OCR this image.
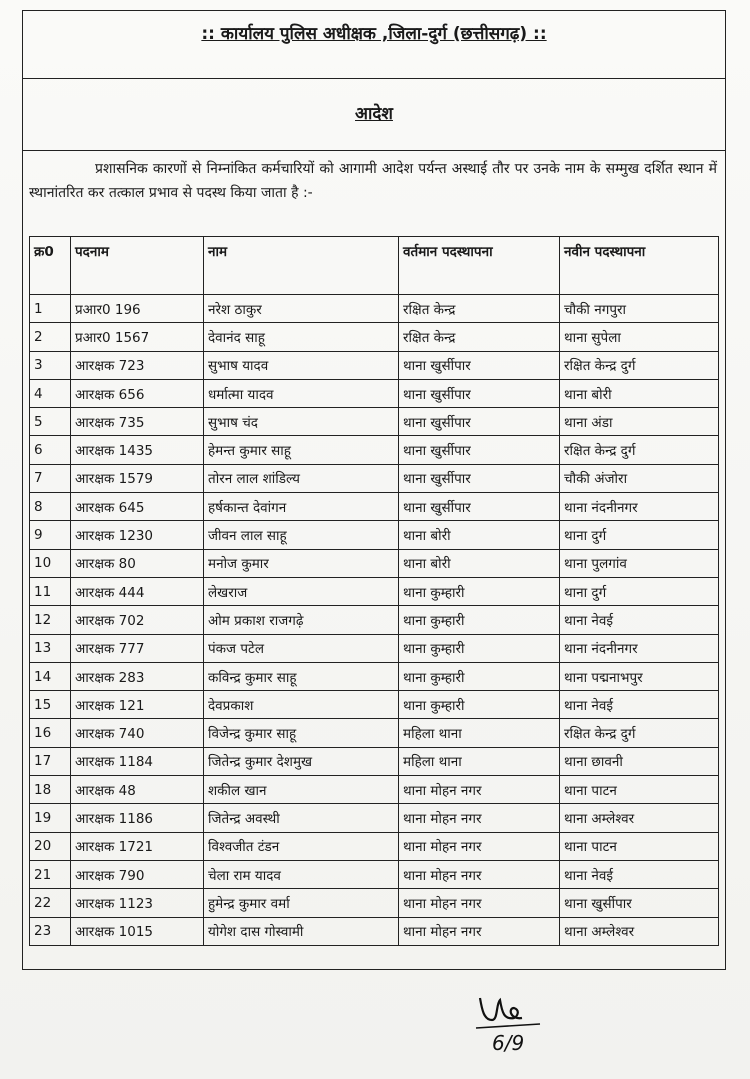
:: कार्यालय पुलिस अधीक्षक ,जिला-दुर्ग (छत्तीसगढ़) ::
आदेश
प्रशासनिक कारणों से निम्नांकित कर्मचारियों को आगामी आदेश पर्यन्त अस्थाई तौर पर उनके नाम के सम्मुख दर्शित स्थान में स्थानांतरित कर तत्काल प्रभाव से पदस्थ किया जाता है :-
क्र0	पदनाम	नाम	वर्तमान पदस्थापना	नवीन पदस्थापना
1	प्रआर0 196	नरेश ठाकुर	रक्षित केन्द्र	चौकी नगपुरा
2	प्रआर0 1567	देवानंद साहू	रक्षित केन्द्र	थाना सुपेला
3	आरक्षक 723	सुभाष यादव	थाना खुर्सीपार	रक्षित केन्द्र दुर्ग
4	आरक्षक 656	धर्मात्मा यादव	थाना खुर्सीपार	थाना बोरी
5	आरक्षक 735	सुभाष चंद	थाना खुर्सीपार	थाना अंडा
6	आरक्षक 1435	हेमन्त कुमार साहू	थाना खुर्सीपार	रक्षित केन्द्र दुर्ग
7	आरक्षक 1579	तोरन लाल शांडिल्य	थाना खुर्सीपार	चौकी अंजोरा
8	आरक्षक 645	हर्षकान्त देवांगन	थाना खुर्सीपार	थाना नंदनीनगर
9	आरक्षक 1230	जीवन लाल साहू	थाना बोरी	थाना दुर्ग
10	आरक्षक 80	मनोज कुमार	थाना बोरी	थाना पुलगांव
11	आरक्षक 444	लेखराज	थाना कुम्हारी	थाना दुर्ग
12	आरक्षक 702	ओम प्रकाश राजगढ़े	थाना कुम्हारी	थाना नेवई
13	आरक्षक 777	पंकज पटेल	थाना कुम्हारी	थाना नंदनीनगर
14	आरक्षक 283	कविन्द्र कुमार साहू	थाना कुम्हारी	थाना पद्मनाभपुर
15	आरक्षक 121	देवप्रकाश	थाना कुम्हारी	थाना नेवई
16	आरक्षक 740	विजेन्द्र कुमार साहू	महिला थाना	रक्षित केन्द्र दुर्ग
17	आरक्षक 1184	जितेन्द्र कुमार देशमुख	महिला थाना	थाना छावनी
18	आरक्षक 48	शकील खान	थाना मोहन नगर	थाना पाटन
19	आरक्षक 1186	जितेन्द्र अवस्थी	थाना मोहन नगर	थाना अम्लेश्वर
20	आरक्षक 1721	विश्वजीत टंडन	थाना मोहन नगर	थाना पाटन
21	आरक्षक 790	चेला राम यादव	थाना मोहन नगर	थाना नेवई
22	आरक्षक 1123	हुमेन्द्र कुमार वर्मा	थाना मोहन नगर	थाना खुर्सीपार
23	आरक्षक 1015	योगेश दास गोस्वामी	थाना मोहन नगर	थाना अम्लेश्वर
6/9
